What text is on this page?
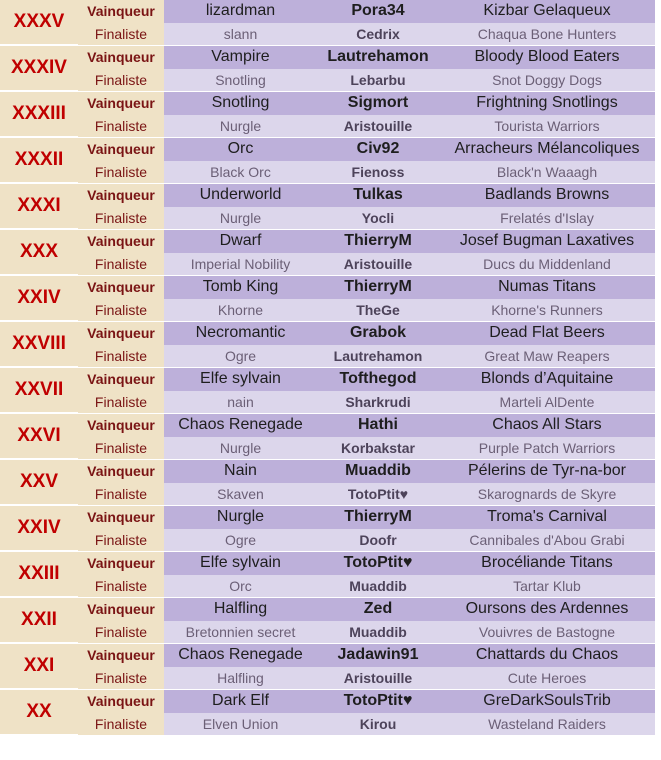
XXXV	Vainqueur	lizardman	Pora34	Kizbar Gelaqueux
Finaliste	slann	Cedrix	Chaqua Bone Hunters
XXXIV	Vainqueur	Vampire	Lautrehamon	Bloody Blood Eaters
Finaliste	Snotling	Lebarbu	Snot Doggy Dogs
XXXIII	Vainqueur	Snotling	Sigmort	Frightning Snotlings
Finaliste	Nurgle	Aristouille	Tourista Warriors
XXXII	Vainqueur	Orc	Civ92	Arracheurs Mélancoliques
Finaliste	Black Orc	Fienoss	Black'n Waaagh
XXXI	Vainqueur	Underworld	Tulkas	Badlands Browns
Finaliste	Nurgle	Yocli	Frelatés d'Islay
XXX	Vainqueur	Dwarf	ThierryM	Josef Bugman Laxatives
Finaliste	Imperial Nobility	Aristouille	Ducs du Middenland
XXIV	Vainqueur	Tomb King	ThierryM	Numas Titans
Finaliste	Khorne	TheGe	Khorne's Runners
XXVIII	Vainqueur	Necromantic	Grabok	Dead Flat Beers
Finaliste	Ogre	Lautrehamon	Great Maw Reapers
XXVII	Vainqueur	Elfe sylvain	Tofthegod	Blonds d’Aquitaine
Finaliste	nain	Sharkrudi	Marteli AlDente
XXVI	Vainqueur	Chaos Renegade	Hathi	Chaos All Stars
Finaliste	Nurgle	Korbakstar	Purple Patch Warriors
XXV	Vainqueur	Nain	Muaddib	Pélerins de Tyr-na-bor
Finaliste	Skaven	TotoPtit♥	Skarognards de Skyre
XXIV	Vainqueur	Nurgle	ThierryM	Troma's Carnival
Finaliste	Ogre	Doofr	Cannibales d'Abou Grabi
XXIII	Vainqueur	Elfe sylvain	TotoPtit♥	Brocéliande Titans
Finaliste	Orc	Muaddib	Tartar Klub
XXII	Vainqueur	Halfling	Zed	Oursons des Ardennes
Finaliste	Bretonnien secret	Muaddib	Vouivres de Bastogne
XXI	Vainqueur	Chaos Renegade	Jadawin91	Chattards du Chaos
Finaliste	Halfling	Aristouille	Cute Heroes
XX	Vainqueur	Dark Elf	TotoPtit♥	GreDarkSoulsTrib
Finaliste	Elven Union	Kirou	Wasteland Raiders
